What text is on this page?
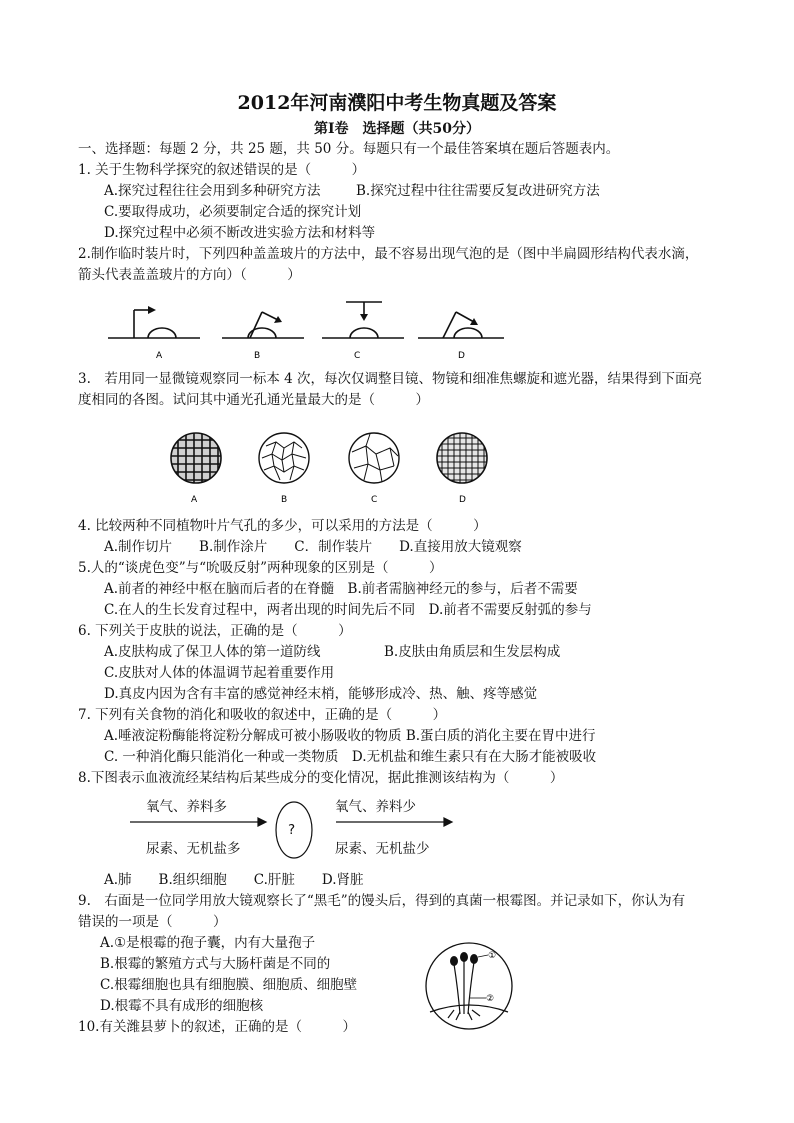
2012年河南濮阳中考生物真题及答案
第Ⅰ卷　选择题（共50分）
一、选择题：每题 2 分，共 25 题，共 50 分。每题只有一个最佳答案填在题后答题表内。
1. 关于生物科学探究的叙述错误的是（　　　）
A.探究过程往往会用到多种研究方法	B.探究过程中往往需要反复改进研究方法
C.要取得成功，必须要制定合适的探究计划
D.探究过程中必须不断改进实验方法和材料等
2.制作临时装片时，下列四种盖盖玻片的方法中，最不容易出现气泡的是（图中半扁圆形结构代表水滴，
箭头代表盖盖玻片的方向）（　　　）
A	B	C	D
3.　若用同一显微镜观察同一标本 4 次，每次仅调整目镜、物镜和细准焦螺旋和遮光器，结果得到下面亮
度相同的各图。试问其中通光孔通光量最大的是（　　　）
A	B	C	D
4. 比较两种不同植物叶片气孔的多少，可以采用的方法是（　　　）
A.制作切片　　B.制作涂片　　C．制作装片　　D.直接用放大镜观察
5.人的“谈虎色变”与“吮吸反射”两种现象的区别是（　　　）
A.前者的神经中枢在脑而后者的在脊髓　B.前者需脑神经元的参与，后者不需要
C.在人的生长发育过程中，两者出现的时间先后不同　D.前者不需要反射弧的参与
6. 下列关于皮肤的说法，正确的是（　　　）
A.皮肤构成了保卫人体的第一道防线	B.皮肤由角质层和生发层构成
C.皮肤对人体的体温调节起着重要作用
D.真皮内因为含有丰富的感觉神经末梢，能够形成冷、热、触、疼等感觉
7. 下列有关食物的消化和吸收的叙述中，正确的是（　　　）
A.唾液淀粉酶能将淀粉分解成可被小肠吸收的物质 B.蛋白质的消化主要在胃中进行
C. 一种消化酶只能消化一种或一类物质　D.无机盐和维生素只有在大肠才能被吸收
8.下图表示血液流经某结构后某些成分的变化情况，据此推测该结构为（　　　）
氧气、养料多
尿素、无机盐多
氧气、养料少
尿素、无机盐少
?
A.肺　　B.组织细胞　　C.肝脏　　D.肾脏
9.　右面是一位同学用放大镜观察长了“黑毛”的馒头后，得到的真菌一根霉图。并记录如下，你认为有
错误的一项是（　　　）
A.①是根霉的孢子囊，内有大量孢子
B.根霉的繁殖方式与大肠杆菌是不同的
C.根霉细胞也具有细胞膜、细胞质、细胞壁
D.根霉不具有成形的细胞核
①
②
10.有关潍县萝卜的叙述，正确的是（　　　）
